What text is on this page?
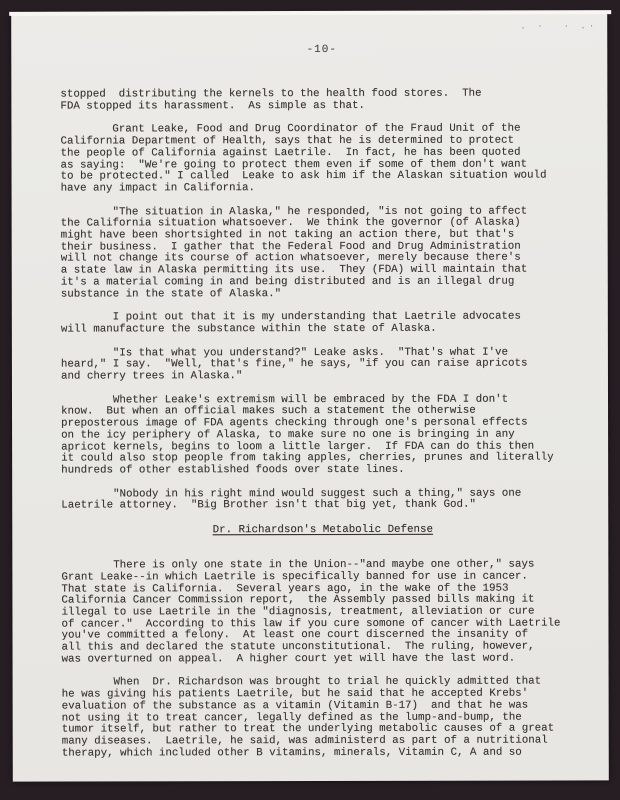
. · · .·
-10-
stopped  distributing the kernels to the health food stores.  The
FDA stopped its harassment.  As simple as that.
Grant Leake, Food and Drug Coordinator of the Fraud Unit of the
California Department of Health, says that he is determined to protect
the people of California against Laetrile.  In fact, he has been quoted
as saying:  "We're going to protect them even if some of them don't want
to be protected." I called  Leake to ask him if the Alaskan situation would
have any impact in California.
"The situation in Alaska," he responded, "is not going to affect
the California situation whatsoever.  We think the governor (of Alaska)
might have been shortsighted in not taking an action there, but that's
their business.  I gather that the Federal Food and Drug Administration
will not change its course of action whatsoever, merely because there's
a state law in Alaska permitting its use.  They (FDA) will maintain that
it's a material coming in and being distributed and is an illegal drug
substance in the state of Alaska."
I point out that it is my understanding that Laetrile advocates
will manufacture the substance within the state of Alaska.
"Is that what you understand?" Leake asks.  "That's what I've
heard," I say.  "Well, that's fine," he says, "if you can raise apricots
and cherry trees in Alaska."
Whether Leake's extremism will be embraced by the FDA I don't
know.  But when an official makes such a statement the otherwise
preposterous image of FDA agents checking through one's personal effects
on the icy periphery of Alaska, to make sure no one is bringing in any
apricot kernels, begins to loom a little larger.  If FDA can do this then
it could also stop people from taking apples, cherries, prunes and literally
hundreds of other established foods over state lines.
"Nobody in his right mind would suggest such a thing," says one
Laetrile attorney.  "Big Brother isn't that big yet, thank God."
Dr. Richardson's Metabolic Defense
There is only one state in the Union--"and maybe one other," says
Grant Leake--in which Laetrile is specifically banned for use in cancer.
That state is California.  Several years ago, in the wake of the 1953
California Cancer Commission report,  the Assembly passed bills making it
illegal to use Laetrile in the "diagnosis, treatment, alleviation or cure
of cancer."  According to this law if you cure somone of cancer with Laetrile
you've committed a felony.  At least one court discerned the insanity of
all this and declared the statute unconstitutional.  The ruling, however,
was overturned on appeal.  A higher court yet will have the last word.
When  Dr. Richardson was brought to trial he quickly admitted that
he was giving his patients Laetrile, but he said that he accepted Krebs'
evaluation of the substance as a vitamin (Vitamin B-17)  and that he was
not using it to treat cancer, legally defined as the lump-and-bump, the
tumor itself, but rather to treat the underlying metabolic causes of a great
many diseases.  Laetrile, he said, was administerd as part of a nutritional
therapy, which included other B vitamins, minerals, Vitamin C, A and so
